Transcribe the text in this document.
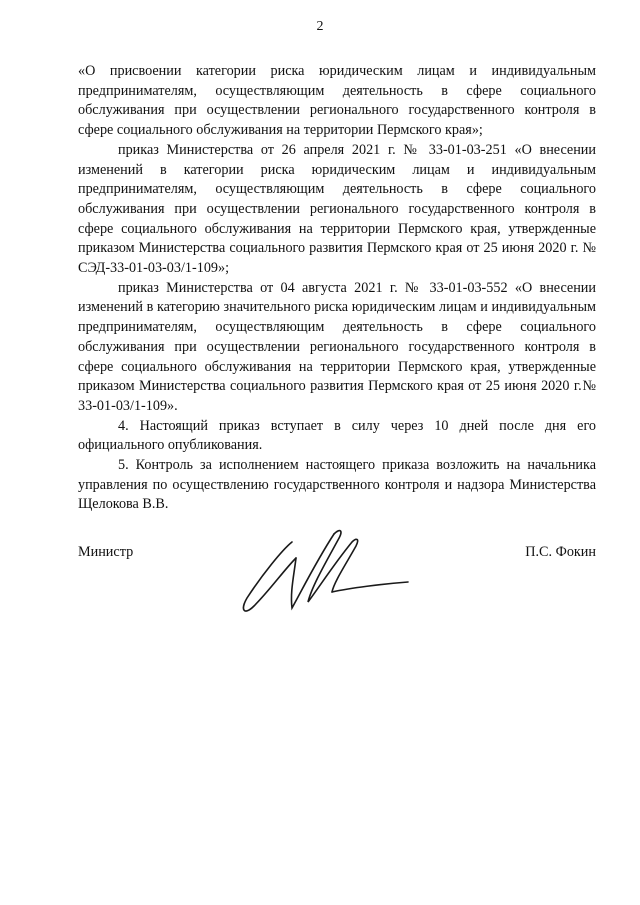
2

«О присвоении категории риска юридическим лицам и индивидуальным предпринимателям, осуществляющим деятельность в сфере социального обслуживания при осуществлении регионального государственного контроля в сфере социального обслуживания на территории Пермского края»;

приказ Министерства от 26 апреля 2021 г. № 33-01-03-251 «О внесении изменений в категории риска юридическим лицам и индивидуальным предпринимателям, осуществляющим деятельность в сфере социального обслуживания при осуществлении регионального государственного контроля в сфере социального обслуживания на территории Пермского края, утвержденные приказом Министерства социального развития Пермского края от 25 июня 2020 г. № СЭД-33-01-03-03/1-109»;

приказ Министерства от 04 августа 2021 г. № 33-01-03-552 «О внесении изменений в категорию значительного риска юридическим лицам и индивидуальным предпринимателям, осуществляющим деятельность в сфере социального обслуживания при осуществлении регионального государственного контроля в сфере социального обслуживания на территории Пермского края, утвержденные приказом Министерства социального развития Пермского края от 25 июня 2020 г.№ 33-01-03/1-109».

4. Настоящий приказ вступает в силу через 10 дней после дня его официального опубликования.

5. Контроль за исполнением настоящего приказа возложить на начальника управления по осуществлению государственного контроля и надзора Министерства Щелокова В.В.

Министр	П.С. Фокин
